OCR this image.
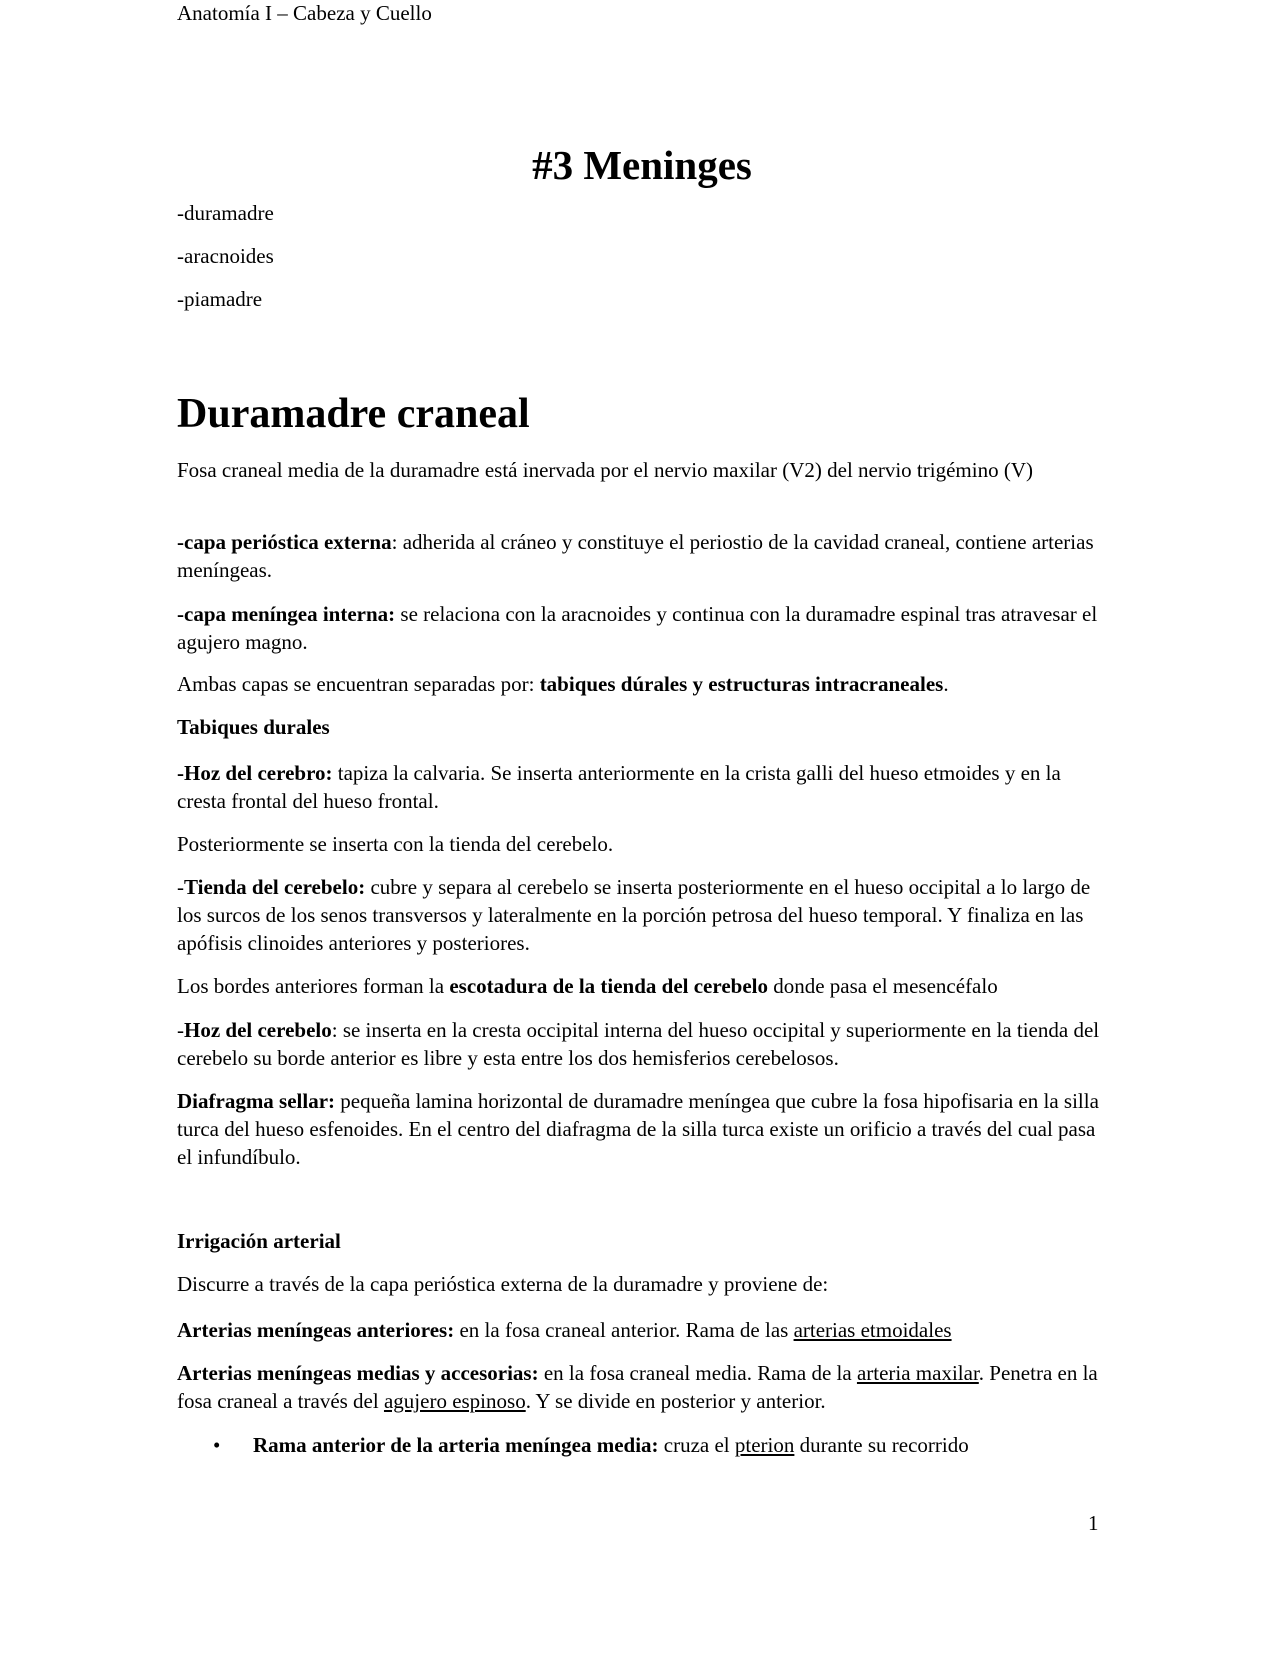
Anatomía I – Cabeza y Cuello
#3 Meninges
-duramadre
-aracnoides
-piamadre
Duramadre craneal
Fosa craneal media de la duramadre está inervada por el nervio maxilar (V2) del nervio trigémino (V)
-capa perióstica externa: adherida al cráneo y constituye el periostio de la cavidad craneal, contiene arterias meníngeas.
-capa meníngea interna: se relaciona con la aracnoides y continua con la duramadre espinal tras atravesar el agujero magno.
Ambas capas se encuentran separadas por: tabiques dúrales y estructuras intracraneales.
Tabiques durales
-Hoz del cerebro: tapiza la calvaria. Se inserta anteriormente en la crista galli del hueso etmoides y en la cresta frontal del hueso frontal.
Posteriormente se inserta con la tienda del cerebelo.
-Tienda del cerebelo: cubre y separa al cerebelo se inserta posteriormente en el hueso occipital a lo largo de los surcos de los senos transversos y lateralmente en la porción petrosa del hueso temporal. Y finaliza en las apófisis clinoides anteriores y posteriores.
Los bordes anteriores forman la escotadura de la tienda del cerebelo donde pasa el mesencéfalo
-Hoz del cerebelo: se inserta en la cresta occipital interna del hueso occipital y superiormente en la tienda del cerebelo su borde anterior es libre y esta entre los dos hemisferios cerebelosos.
Diafragma sellar: pequeña lamina horizontal de duramadre meníngea que cubre la fosa hipofisaria en la silla turca del hueso esfenoides. En el centro del diafragma de la silla turca existe un orificio a través del cual pasa el infundíbulo.
Irrigación arterial
Discurre a través de la capa perióstica externa de la duramadre y proviene de:
Arterias meníngeas anteriores: en la fosa craneal anterior. Rama de las arterias etmoidales
Arterias meníngeas medias y accesorias: en la fosa craneal media. Rama de la arteria maxilar. Penetra en la fosa craneal a través del agujero espinoso. Y se divide en posterior y anterior.
• Rama anterior de la arteria meníngea media: cruza el pterion durante su recorrido
1
